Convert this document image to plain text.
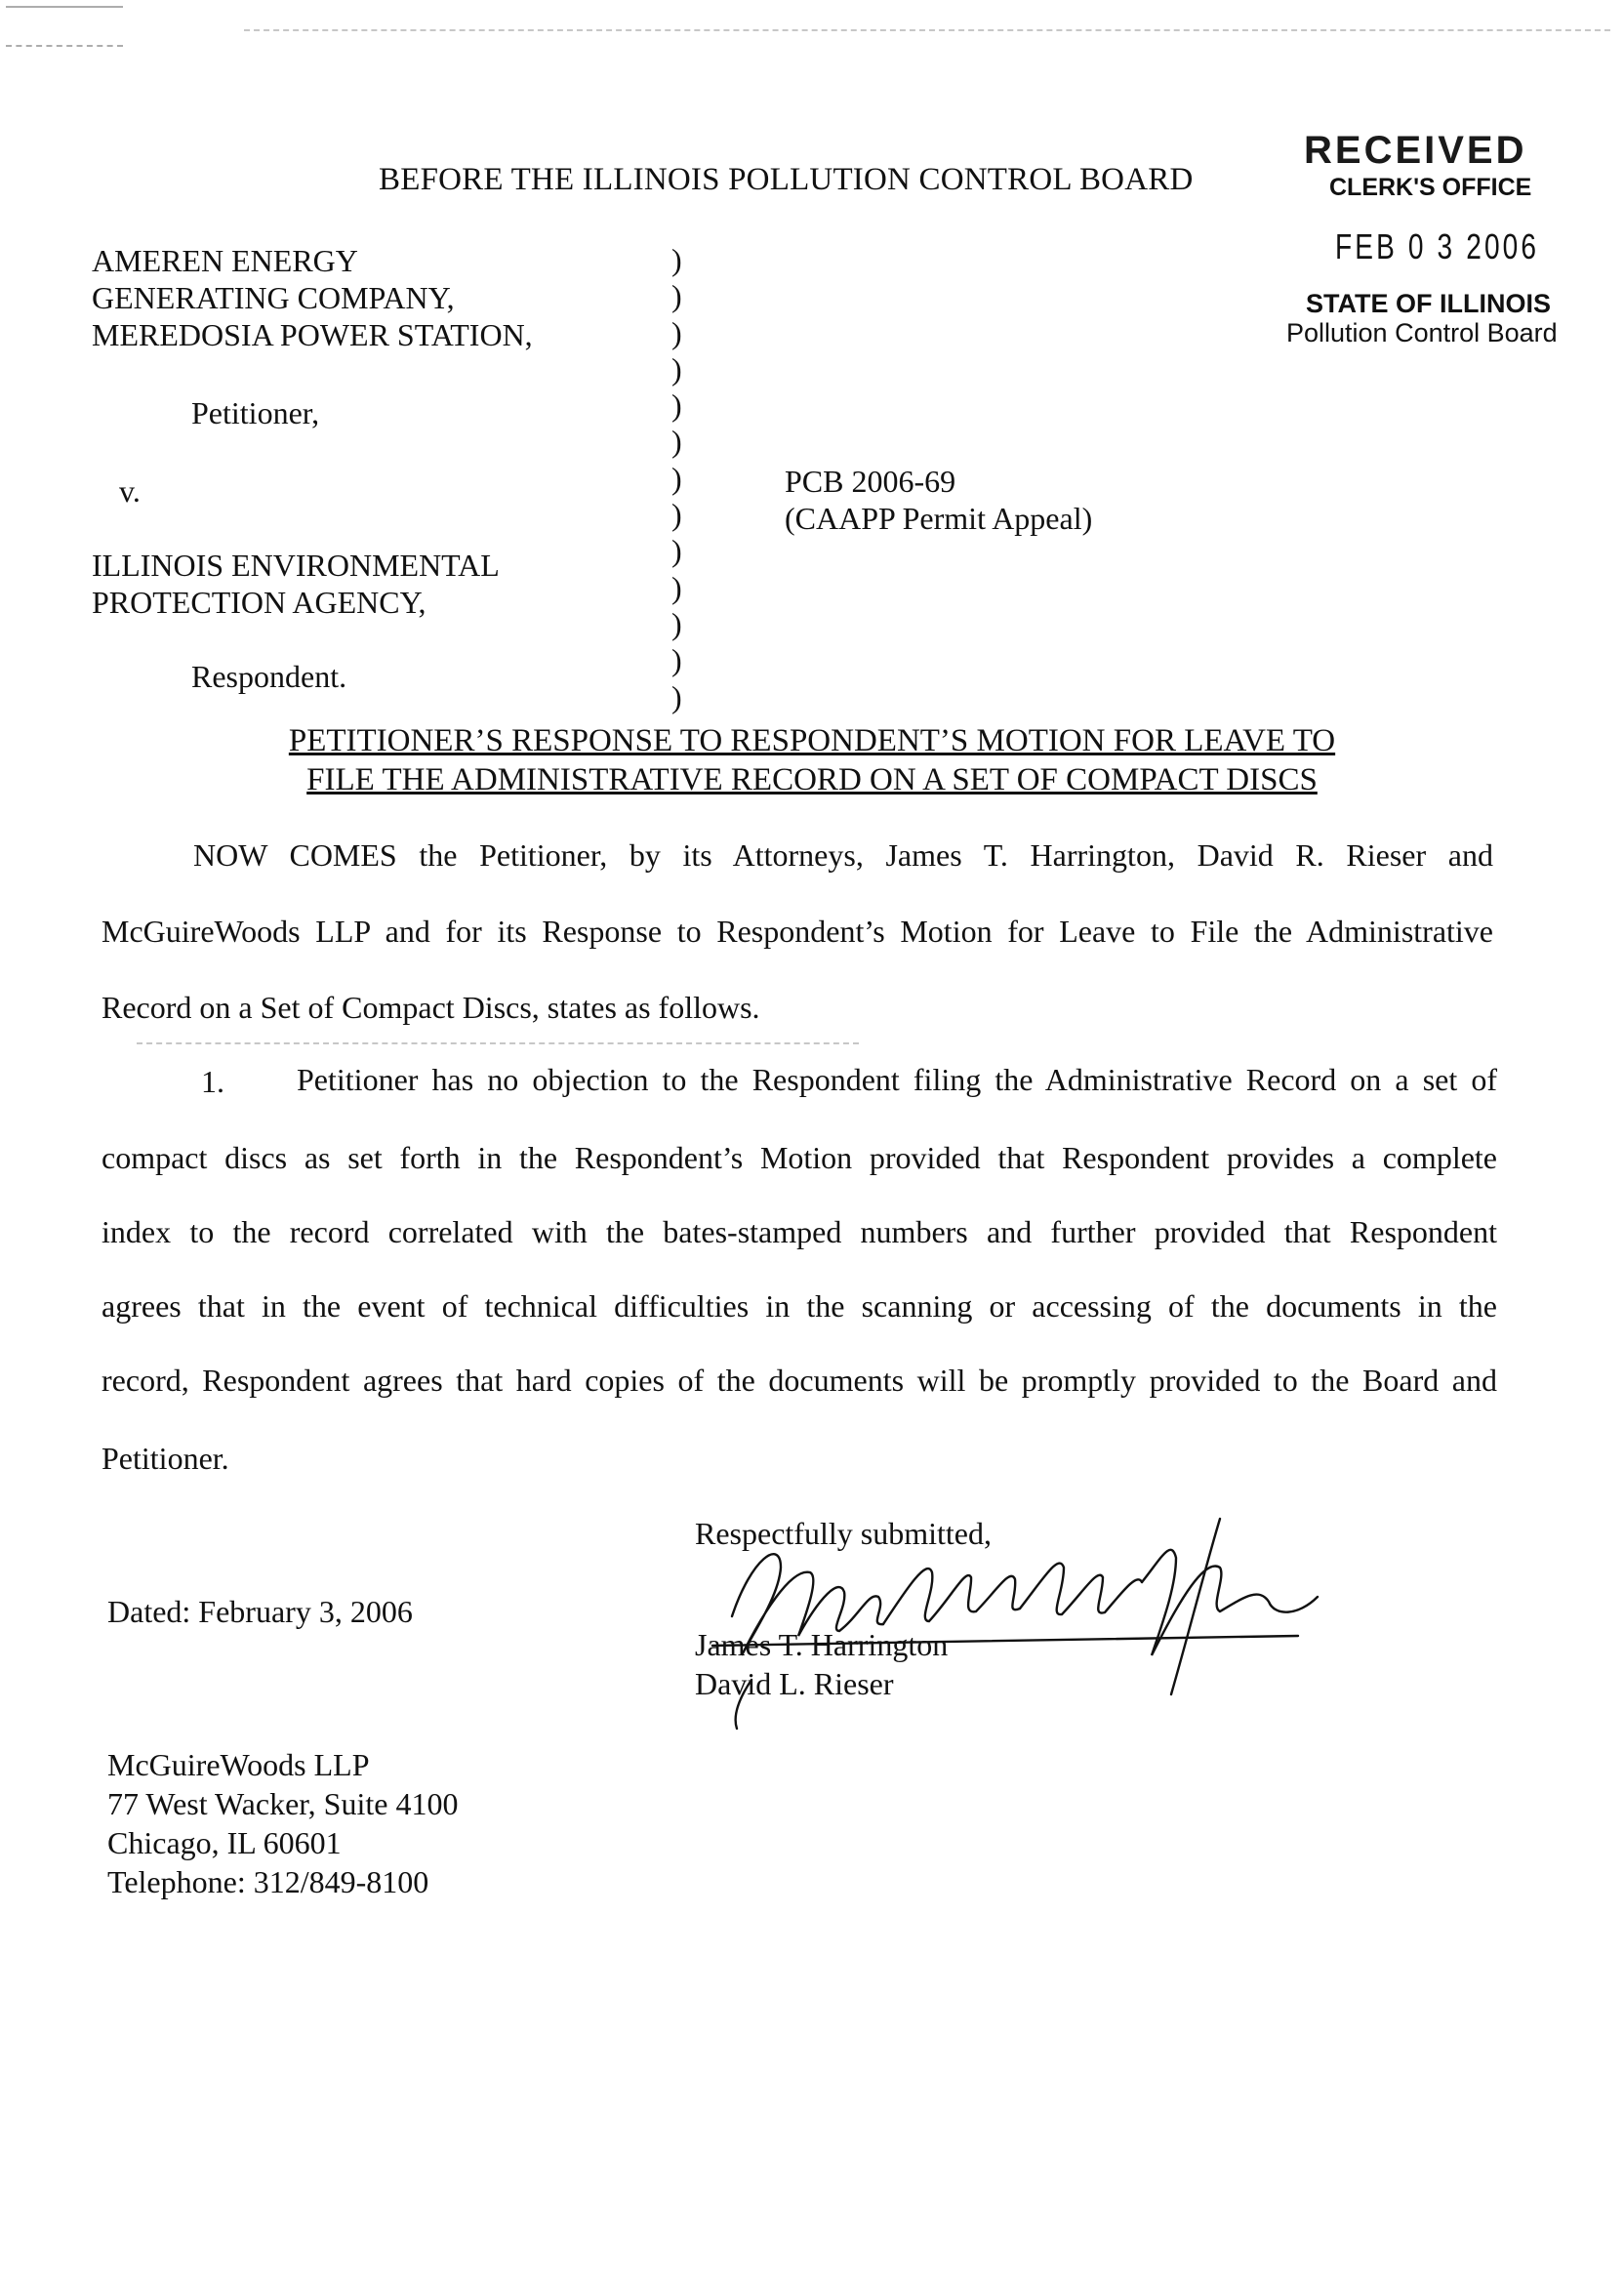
BEFORE THE ILLINOIS POLLUTION CONTROL BOARD
RECEIVED
CLERK'S OFFICE
FEB 0 3 2006
STATE OF ILLINOIS
Pollution Control Board
AMEREN ENERGY
GENERATING COMPANY,
MEREDOSIA POWER STATION,
Petitioner,
v.
ILLINOIS ENVIRONMENTAL
PROTECTION AGENCY,
Respondent.
)
)
)
)
)
)
)
)
)
)
)
)
)
PCB 2006-69
(CAAPP Permit Appeal)
PETITIONER’S RESPONSE TO RESPONDENT’S MOTION FOR LEAVE TO
FILE THE ADMINISTRATIVE RECORD ON A SET OF COMPACT DISCS
NOW COMES the Petitioner, by its Attorneys, James T. Harrington, David R. Rieser and
McGuireWoods LLP and for its Response to Respondent’s Motion for Leave to File the Administrative
Record on a Set of Compact Discs, states as follows.
1.	Petitioner has no objection to the Respondent filing the Administrative Record on a set of
compact discs as set forth in the Respondent’s Motion provided that Respondent provides a complete
index to the record correlated with the bates-stamped numbers and further provided that Respondent
agrees that in the event of technical difficulties in the scanning or accessing of the documents in the
record, Respondent agrees that hard copies of the documents will be promptly provided to the Board and
Petitioner.
Respectfully submitted,
Dated: February 3, 2006
James T. Harrington
David L. Rieser
McGuireWoods LLP
77 West Wacker, Suite 4100
Chicago, IL 60601
Telephone: 312/849-8100
